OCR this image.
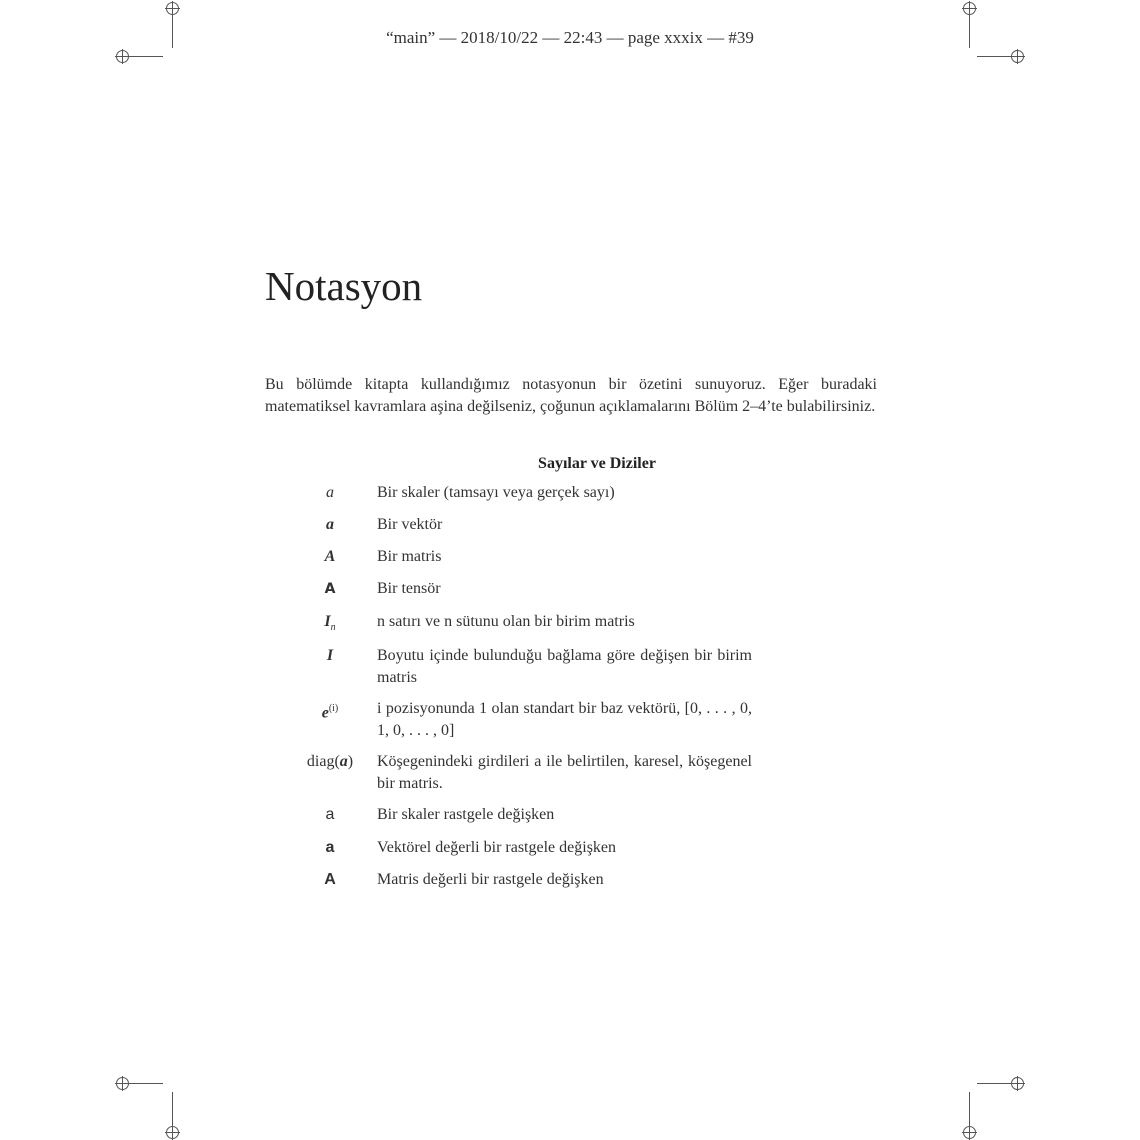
“main” — 2018/10/22 — 22:43 — page xxxix — #39
Notasyon
Bu bölümde kitapta kullandığımız notasyonun bir özetini sunuyoruz. Eğer buradaki matematiksel kavramlara aşina değilseniz, çoğunun açıklamalarını Bölüm 2–4’te bulabilirsiniz.
Sayılar ve Diziler
a	Bir skaler (tamsayı veya gerçek sayı)
a	Bir vektör
A	Bir matris
A	Bir tensör
$I_n$	n satırı ve n sütunu olan bir birim matris
I	Boyutu içinde bulunduğu bağlama göre değişen bir birim matris
$e^{(i)}$	i pozisyonunda 1 olan standart bir baz vektörü, [0, . . . , 0, 1, 0, . . . , 0]
diag(a)	Köşegenindeki girdileri a ile belirtilen, karesel, köşegenel bir matris.
a	Bir skaler rastgele değişken
a	Vektörel değerli bir rastgele değişken
A	Matris değerli bir rastgele değişken
